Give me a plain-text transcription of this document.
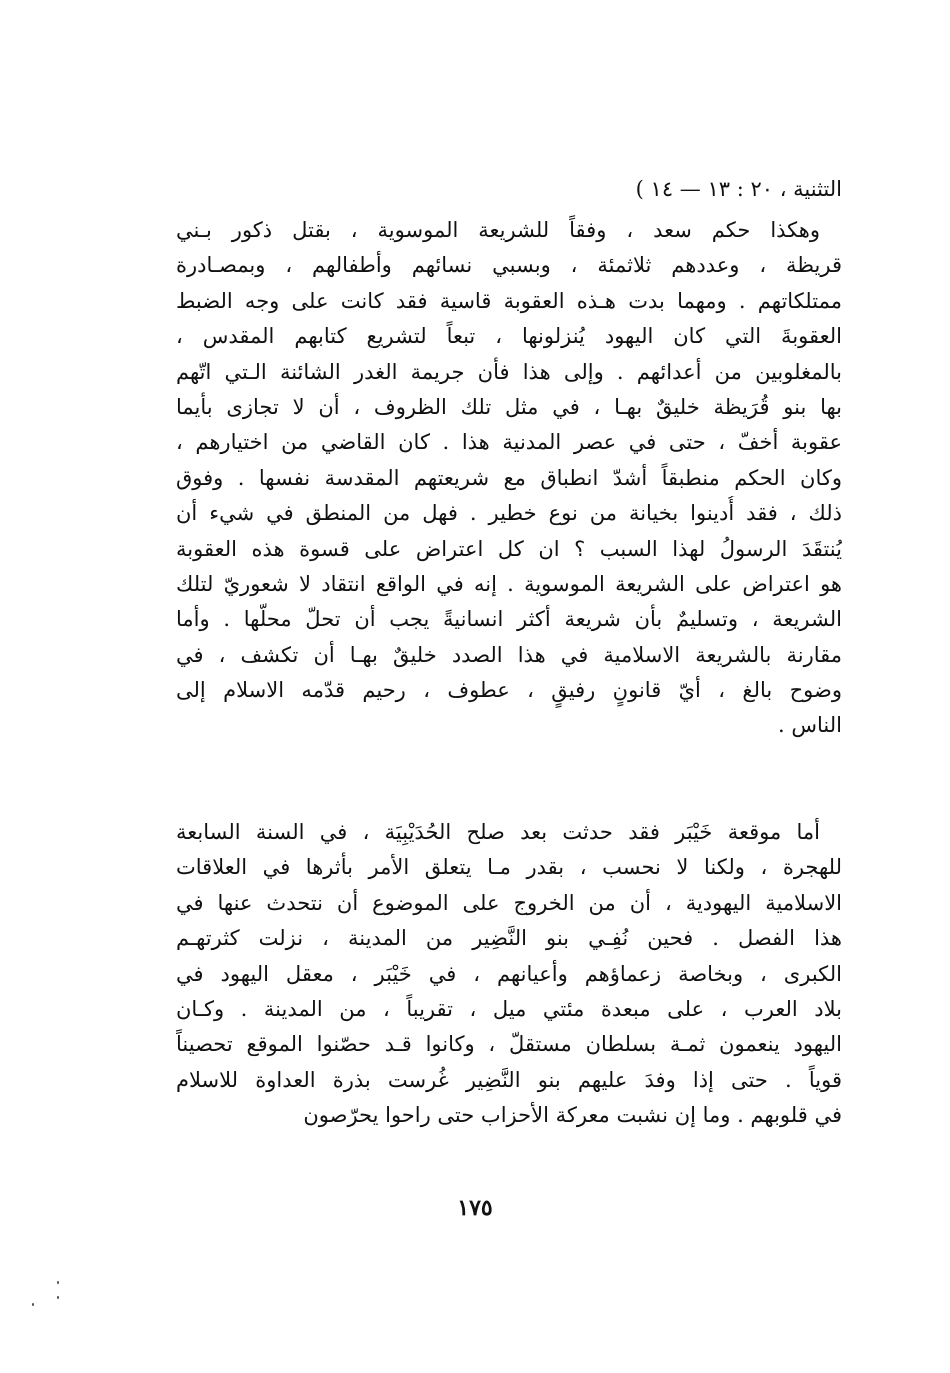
التثنية ، ٢٠ : ١٣ — ١٤ )
وهكذا حكم سعد ، وفقاً للشريعة الموسوية ، بقتل ذكور بـني
قريظة ، وعددهم ثلاثمئة ، وبسبي نسائهم وأطفالهم ، وبمصـادرة
ممتلكاتهم . ومهما بدت هـذه العقوبة قاسية فقد كانت على وجه الضبط
العقوبةَ التي كان اليهود يُنزلونها ، تبعاً لتشريع كتابهم المقدس ،
بالمغلوبين من أعدائهم . وإلى هذا فأن جريمة الغدر الشائنة الـتي اتّهم
بها بنو قُرَيظة خليقٌ بهـا ، في مثل تلك الظروف ، أن لا تجازى بأيما
عقوبة أخفّ ، حتى في عصر المدنية هذا . كان القاضي من اختيارهم ،
وكان الحكم منطبقاً أشدّ انطباق مع شريعتهم المقدسة نفسها . وفوق
ذلك ، فقد أُدينوا بخيانة من نوع خطير . فهل من المنطق في شيء أن
يُنتقَدَ الرسولُ لهذا السبب ؟ ان كل اعتراض على قسوة هذه العقوبة
هو اعتراض على الشريعة الموسوية . إنه في الواقع انتقاد لا شعوريّ لتلك
الشريعة ، وتسليمٌ بأن شريعة أكثر انسانيةً يجب أن تحلّ محلّها . وأما
مقارنة بالشريعة الاسلامية في هذا الصدد خليقٌ بهـا أن تكشف ، في
وضوح بالغ ، أيّ قانونٍ رفيقٍ ، عطوف ، رحيم قدّمه الاسلام إلى
الناس .
أما موقعة خَيْبَر فقد حدثت بعد صلح الحُدَيْبِيَة ، في السنة السابعة
للهجرة ، ولكنا لا نحسب ، بقدر مـا يتعلق الأمر بأثرها في العلاقات
الاسلامية اليهودية ، أن من الخروج على الموضوع أن نتحدث عنها في
هذا الفصل . فحين نُفِـي بنو النَّضِير من المدينة ، نزلت كثرتهـم
الكبرى ، وبخاصة زعماؤهم وأعيانهم ، في خَيْبَر ، معقل اليهود في
بلاد العرب ، على مبعدة مئتي ميل ، تقريباً ، من المدينة . وكـان
اليهود ينعمون ثمـة بسلطان مستقلّ ، وكانوا قـد حصّنوا الموقع تحصيناً
قوياً . حتى إذا وفدَ عليهم بنو النَّضِير غُرست بذرة العداوة للاسلام
في قلوبهم . وما إن نشبت معركة الأحزاب حتى راحوا يحرّصون
١٧٥
